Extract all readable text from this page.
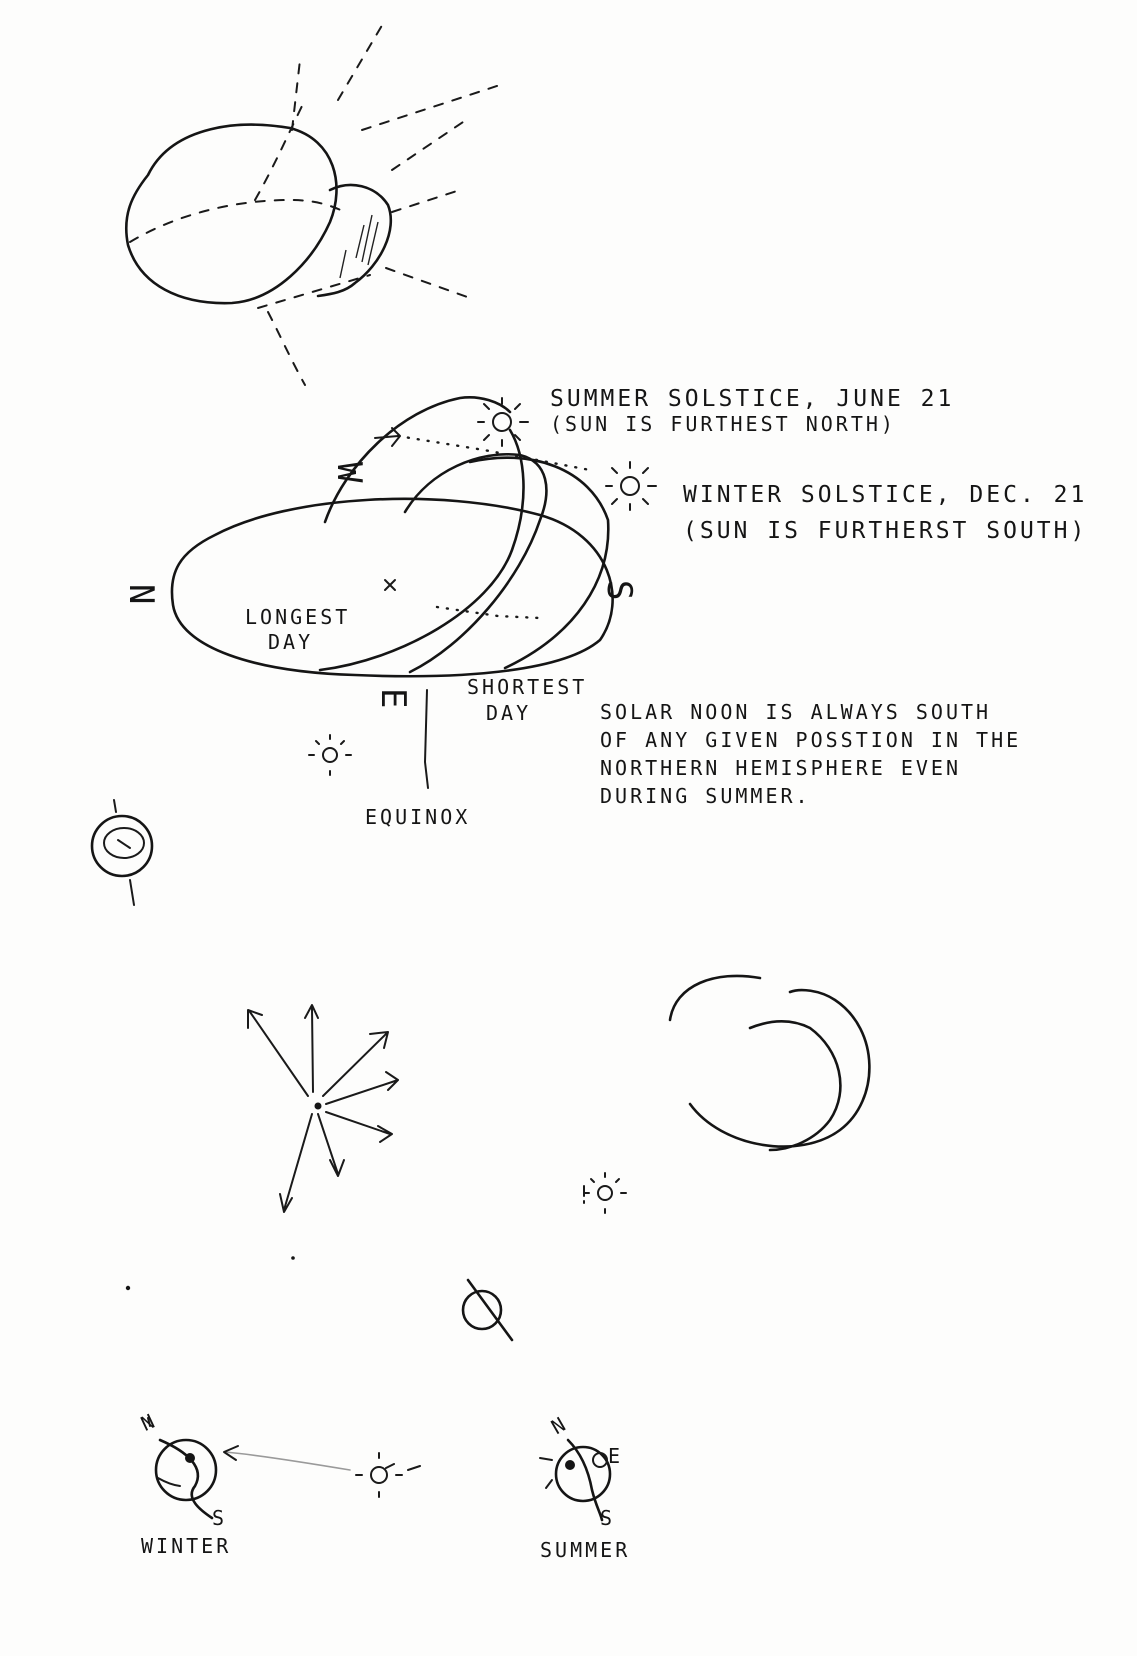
SUMMER SOLSTICE, JUNE 21
(SUN IS FURTHEST NORTH)
WINTER SOLSTICE, DEC. 21
(SUN IS FURTHERST SOUTH)
W
N	S
E
LONGEST
DAY
SHORTEST
DAY
EQUINOX
SOLAR NOON IS ALWAYS SOUTH
OF ANY GIVEN POSSTION IN THE
NORTHERN HEMISPHERE EVEN
DURING SUMMER.
N
S
WINTER
N
E
S
SUMMER
